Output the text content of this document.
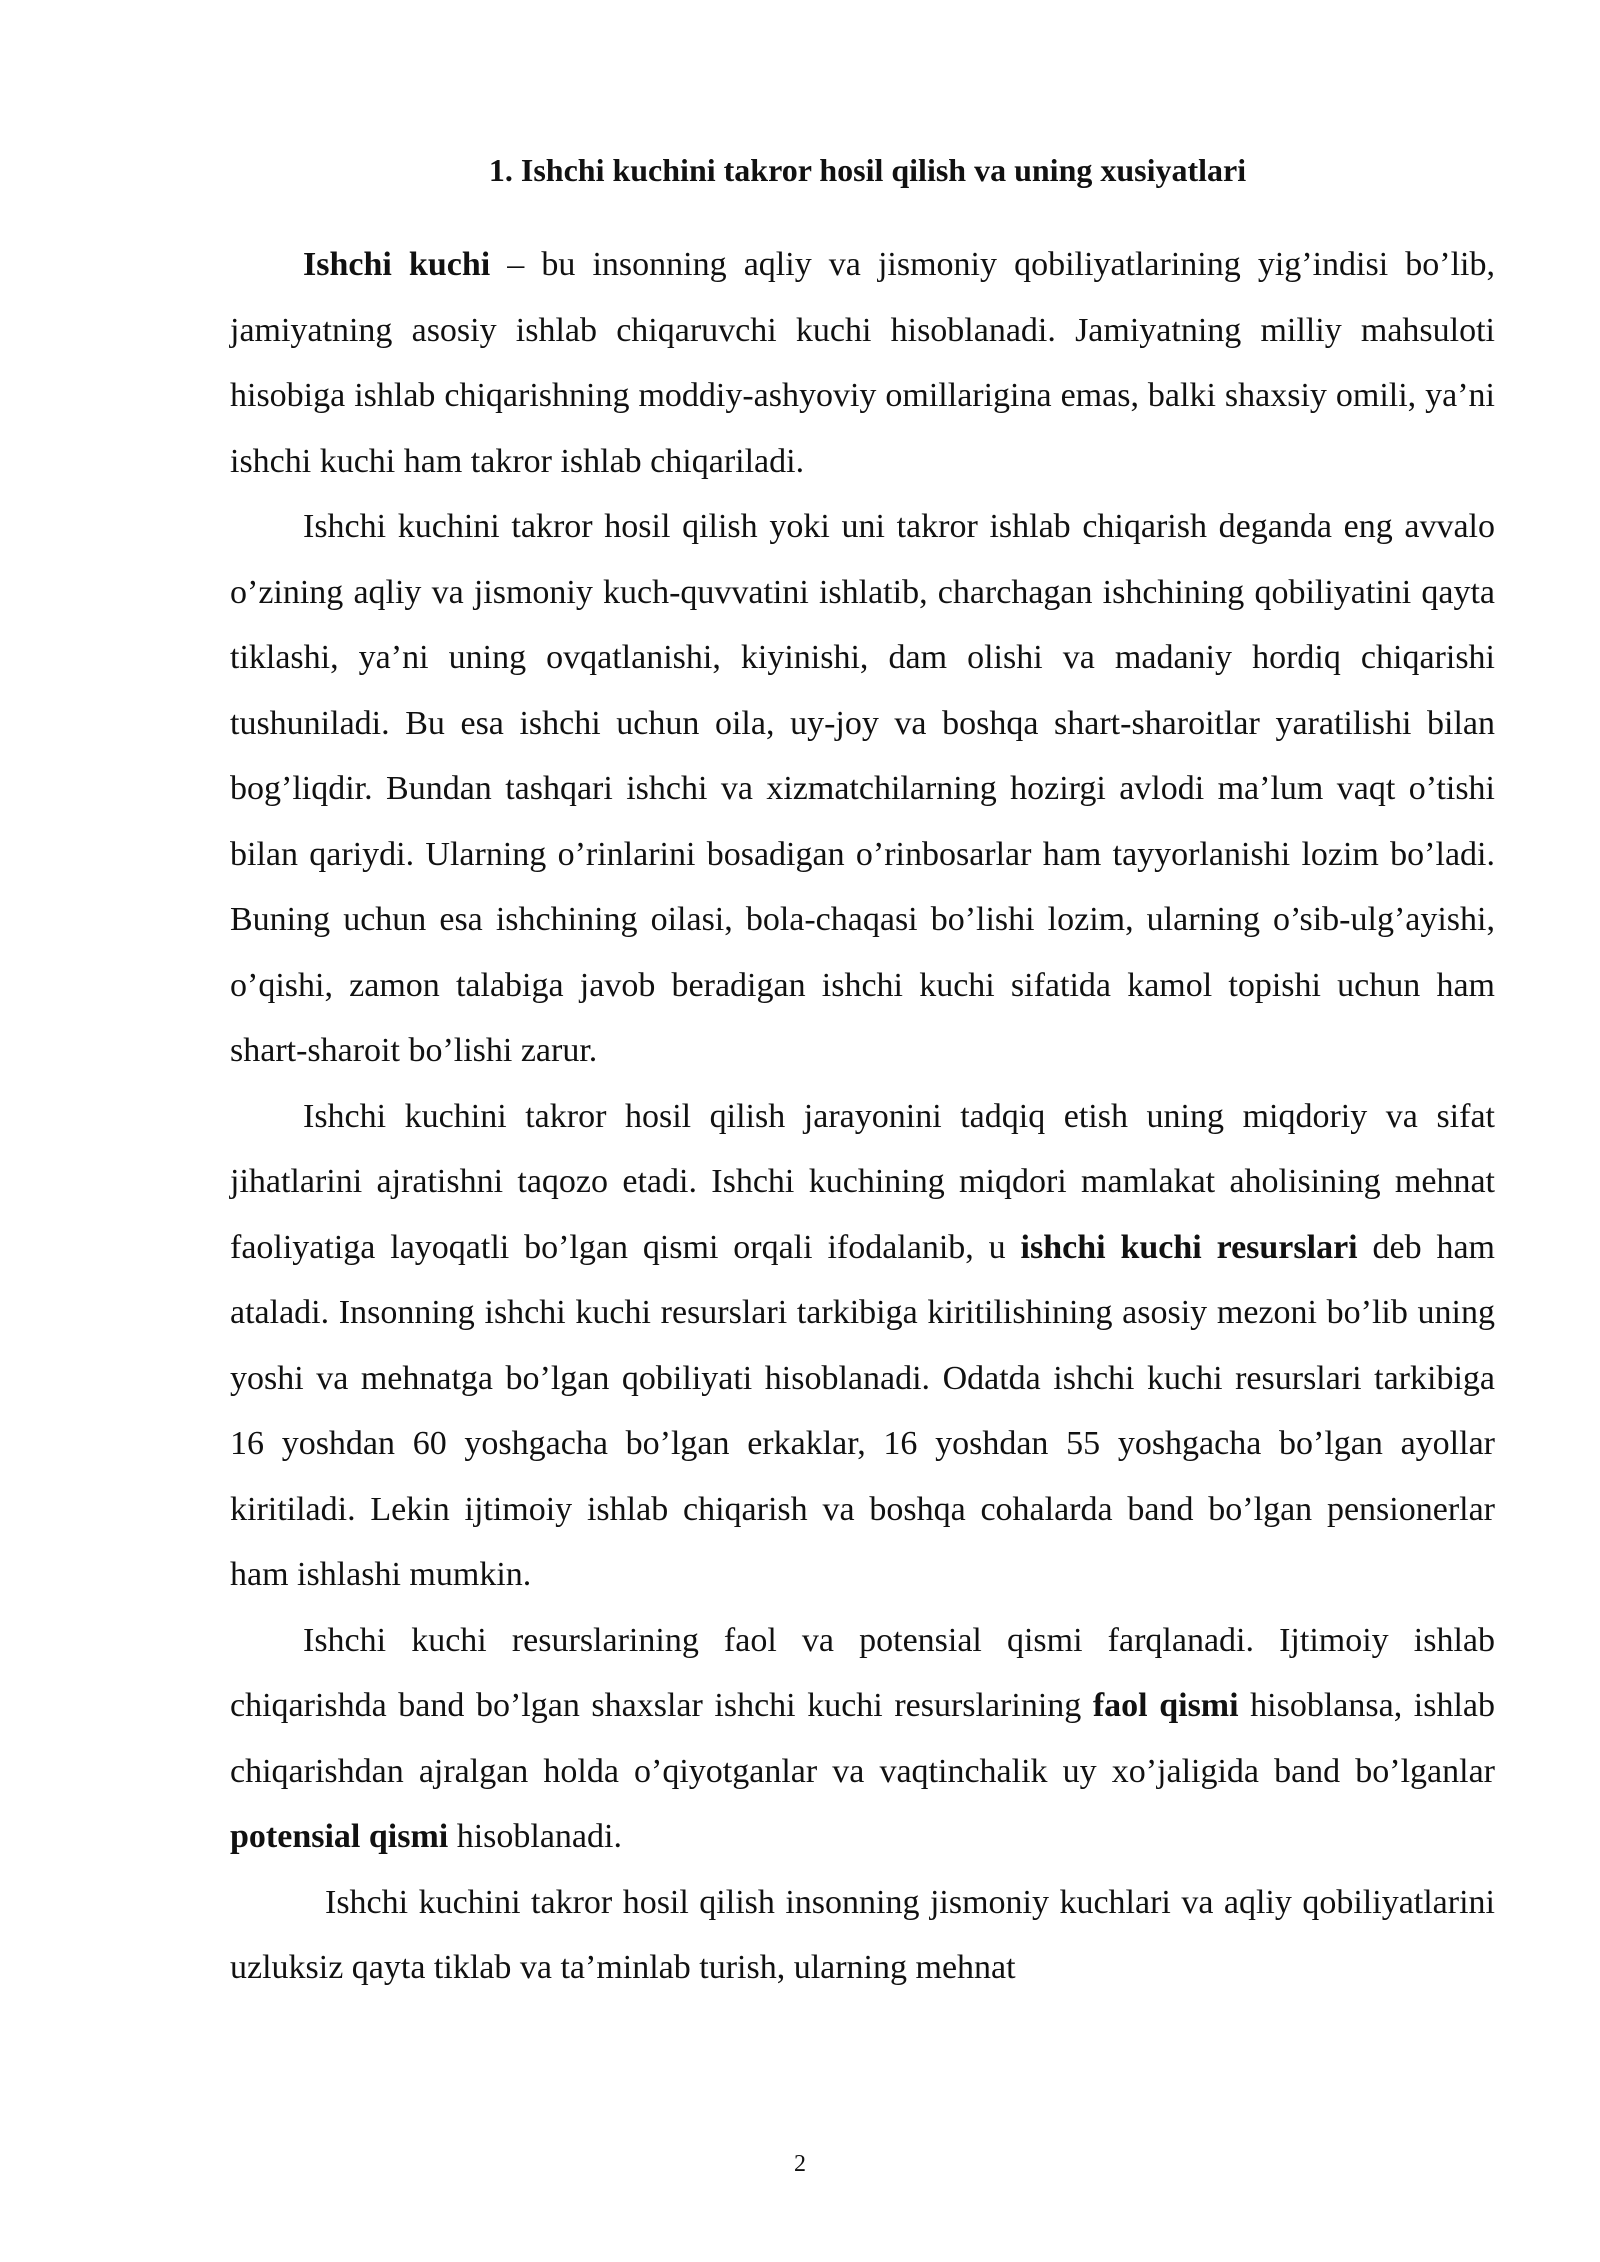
1. Ishchi kuchini takror hosil qilish va uning xusiyatlari

Ishchi kuchi – bu insonning aqliy va jismoniy qobiliyatlarining yig’indisi bo’lib, jamiyatning asosiy ishlab chiqaruvchi kuchi hisoblanadi. Jamiyatning milliy mahsuloti hisobiga ishlab chiqarishning moddiy-ashyoviy omillarigina emas, balki shaxsiy omili, ya’ni ishchi kuchi ham takror ishlab chiqariladi.

Ishchi kuchini takror hosil qilish yoki uni takror ishlab chiqarish deganda eng avvalo o’zining aqliy va jismoniy kuch-quvvatini ishlatib, charchagan ishchining qobiliyatini qayta tiklashi, ya’ni uning ovqatlanishi, kiyinishi, dam olishi va madaniy hordiq chiqarishi tushuniladi. Bu esa ishchi uchun oila, uy-joy va boshqa shart-sharoitlar yaratilishi bilan bog’liqdir. Bundan tashqari ishchi va xizmatchilarning hozirgi avlodi ma’lum vaqt o’tishi bilan qariydi. Ularning o’rinlarini bosadigan o’rinbosarlar ham tayyorlanishi lozim bo’ladi. Buning uchun esa ishchining oilasi, bola-chaqasi bo’lishi lozim, ularning o’sib-ulg’ayishi, o’qishi, zamon talabiga javob beradigan ishchi kuchi sifatida kamol topishi uchun ham shart-sharoit bo’lishi zarur.

Ishchi kuchini takror hosil qilish jarayonini tadqiq etish uning miqdoriy va sifat jihatlarini ajratishni taqozo etadi. Ishchi kuchining miqdori mamlakat aholisining mehnat faoliyatiga layoqatli bo’lgan qismi orqali ifodalanib, u ishchi kuchi resurslari deb ham ataladi. Insonning ishchi kuchi resurslari tarkibiga kiritilishining asosiy mezoni bo’lib uning yoshi va mehnatga bo’lgan qobiliyati hisoblanadi. Odatda ishchi kuchi resurslari tarkibiga 16 yoshdan 60 yoshgacha bo’lgan erkaklar, 16 yoshdan 55 yoshgacha bo’lgan ayollar kiritiladi. Lekin ijtimoiy ishlab chiqarish va boshqa cohalarda band bo’lgan pensionerlar ham ishlashi mumkin.

Ishchi kuchi resurslarining faol va potensial qismi farqlanadi. Ijtimoiy ishlab chiqarishda band bo’lgan shaxslar ishchi kuchi resurslarining faol qismi hisoblansa, ishlab chiqarishdan ajralgan holda o’qiyotganlar va vaqtinchalik uy xo’jaligida band bo’lganlar potensial qismi hisoblanadi.

Ishchi kuchini takror hosil qilish insonning jismoniy kuchlari va aqliy qobiliyatlarini uzluksiz qayta tiklab va ta’minlab turish, ularning mehnat

2
